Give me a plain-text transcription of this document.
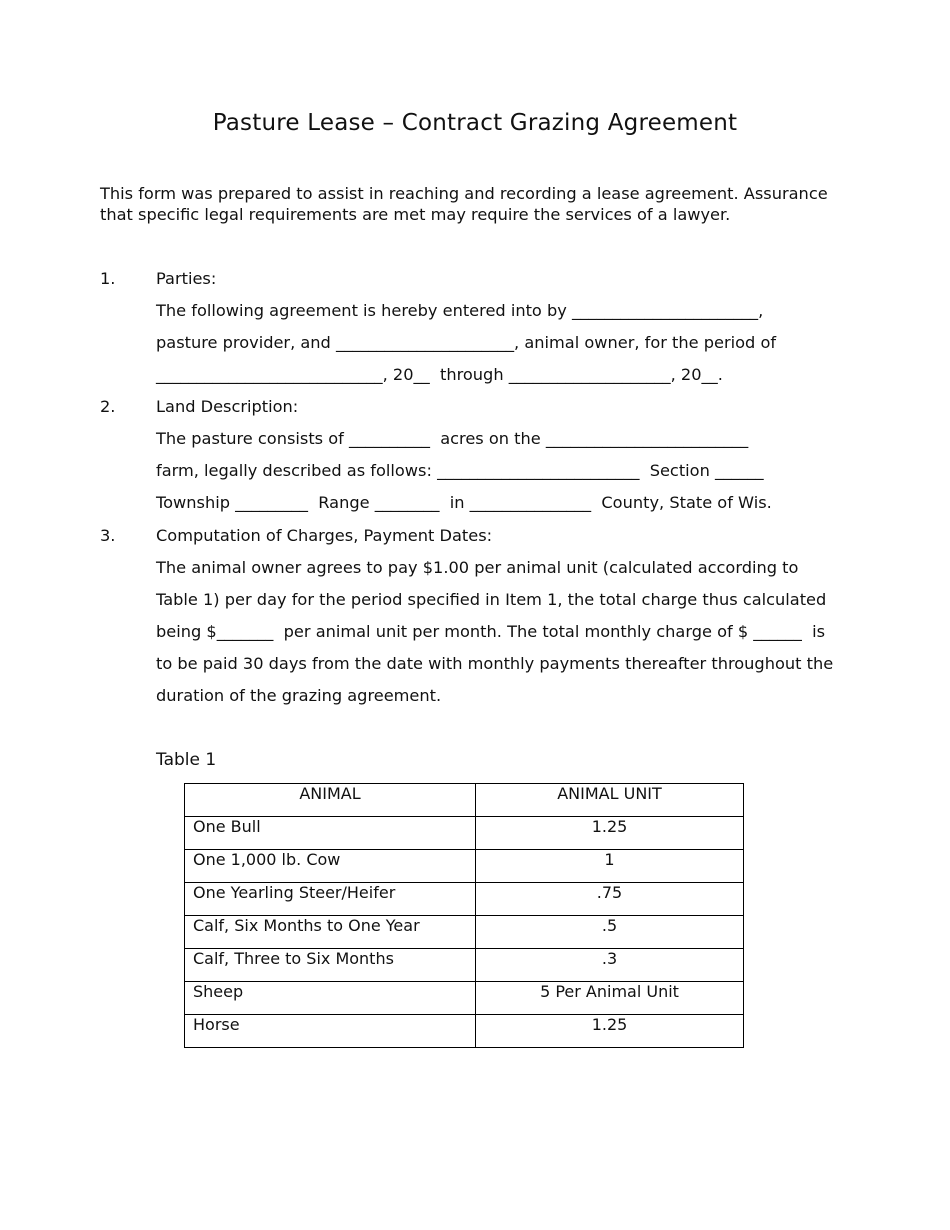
Pasture Lease – Contract Grazing Agreement
This form was prepared to assist in reaching and recording a lease agreement. Assurance that specific legal requirements are met may require the services of a lawyer.
1.	Parties:
The following agreement is hereby entered into by _______________________,
pasture provider, and ______________________, animal owner, for the period of
____________________________, 20__  through ____________________, 20__.
2.	Land Description:
The pasture consists of __________  acres on the _________________________
farm, legally described as follows: _________________________  Section ______
Township _________  Range ________  in _______________  County, State of Wis.
3.	Computation of Charges, Payment Dates:
The animal owner agrees to pay $1.00 per animal unit (calculated according to
Table 1) per day for the period specified in Item 1, the total charge thus calculated
being $_______  per animal unit per month. The total monthly charge of $ ______  is
to be paid 30 days from the date with monthly payments thereafter throughout the
duration of the grazing agreement.
Table 1
ANIMAL	ANIMAL UNIT
One Bull	1.25
One 1,000 lb. Cow	1
One Yearling Steer/Heifer	.75
Calf, Six Months to One Year	.5
Calf, Three to Six Months	.3
Sheep	5 Per Animal Unit
Horse	1.25
